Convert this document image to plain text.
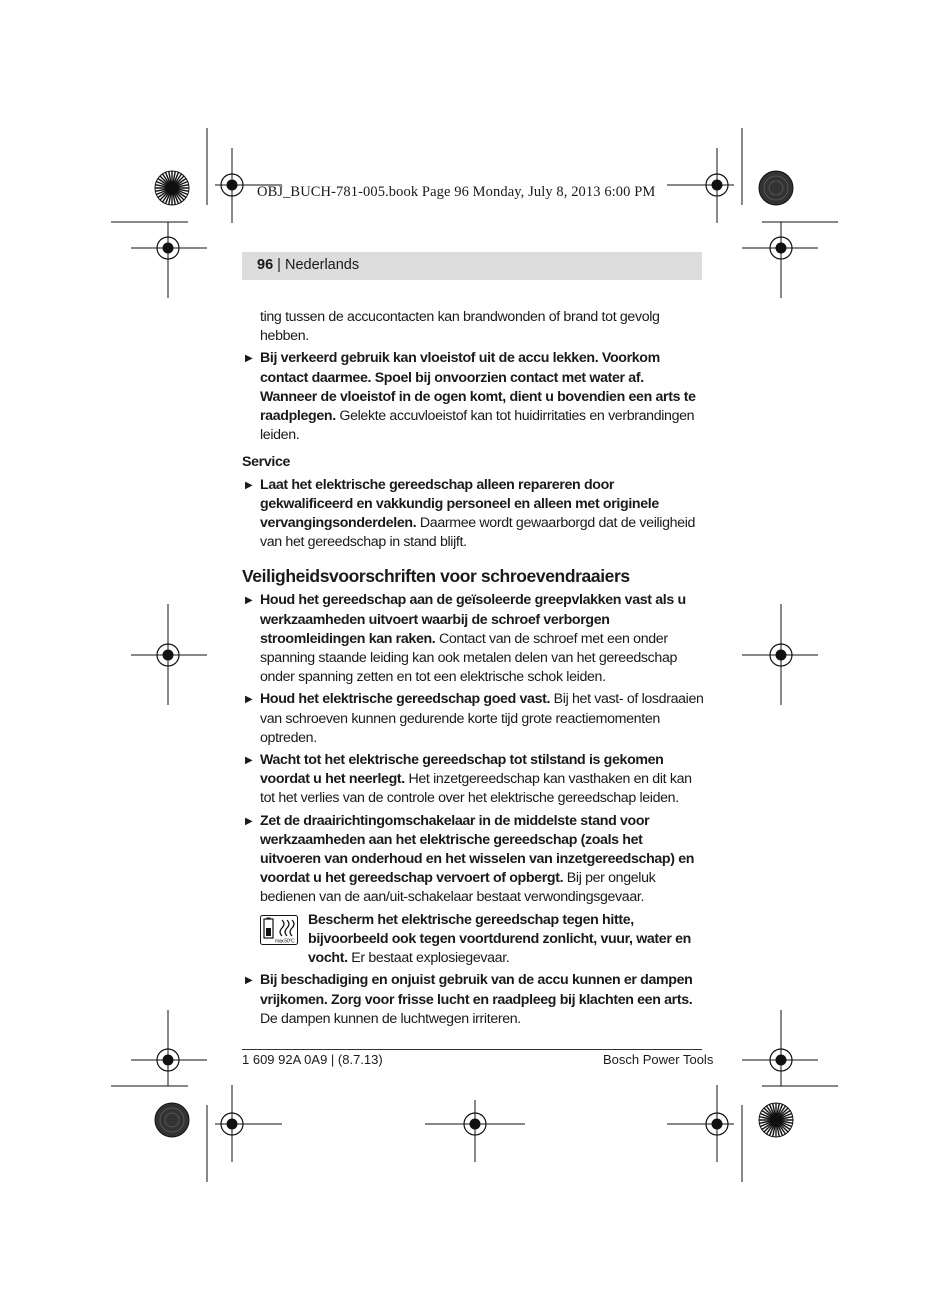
OBJ_BUCH-781-005.book Page 96 Monday, July 8, 2013 6:00 PM
96 | Nederlands

ting tussen de accucontacten kan brandwonden of brand tot gevolg hebben.

▶ Bij verkeerd gebruik kan vloeistof uit de accu lekken. Voorkom contact daarmee. Spoel bij onvoorzien contact met water af. Wanneer de vloeistof in de ogen komt, dient u bovendien een arts te raadplegen. Gelekte accuvloeistof kan tot huidirritaties en verbrandingen leiden.

Service

▶ Laat het elektrische gereedschap alleen repareren door gekwalificeerd en vakkundig personeel en alleen met originele vervangingsonderdelen. Daarmee wordt gewaarborgd dat de veiligheid van het gereedschap in stand blijft.

Veiligheidsvoorschriften voor schroevendraaiers

▶ Houd het gereedschap aan de geïsoleerde greepvlakken vast als u werkzaamheden uitvoert waarbij de schroef verborgen stroomleidingen kan raken. Contact van de schroef met een onder spanning staande leiding kan ook metalen delen van het gereedschap onder spanning zetten en tot een elektrische schok leiden.

▶ Houd het elektrische gereedschap goed vast. Bij het vast- of losdraaien van schroeven kunnen gedurende korte tijd grote reactiemomenten optreden.

▶ Wacht tot het elektrische gereedschap tot stilstand is gekomen voordat u het neerlegt. Het inzetgereedschap kan vasthaken en dit kan tot het verlies van de controle over het elektrische gereedschap leiden.

▶ Zet de draairichtingomschakelaar in de middelste stand voor werkzaamheden aan het elektrische gereedschap (zoals het uitvoeren van onderhoud en het wisselen van inzetgereedschap) en voordat u het gereedschap vervoert of opbergt. Bij per ongeluk bedienen van de aan/uit-schakelaar bestaat verwondingsgevaar.

max.50°C
Bescherm het elektrische gereedschap tegen hitte, bijvoorbeeld ook tegen voortdurend zonlicht, vuur, water en vocht. Er bestaat explosiegevaar.

▶ Bij beschadiging en onjuist gebruik van de accu kunnen er dampen vrijkomen. Zorg voor frisse lucht en raadpleeg bij klachten een arts. De dampen kunnen de luchtwegen irriteren.

1 609 92A 0A9 | (8.7.13)	Bosch Power Tools
